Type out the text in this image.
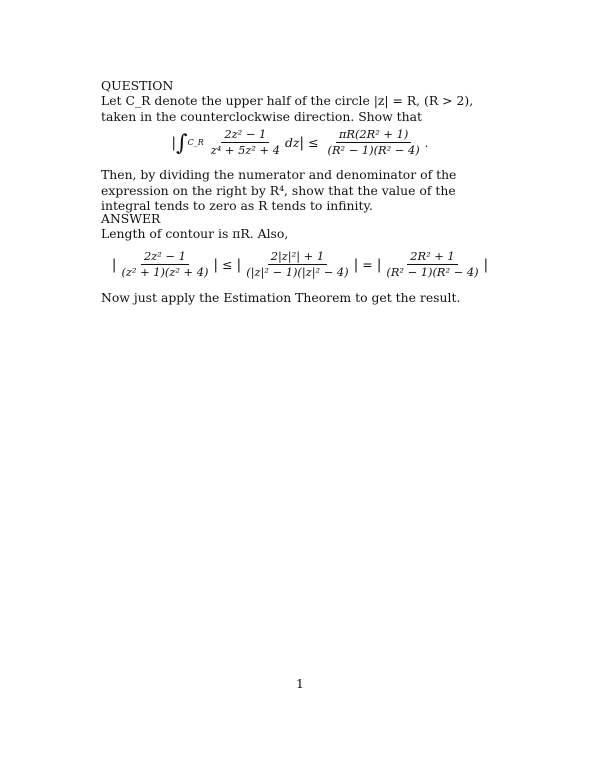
QUESTION
Let C_R denote the upper half of the circle |z| = R, (R > 2), taken in the counterclockwise direction. Show that
| ∫ C_R $\frac{\text{2z² − 1}}{\text{z⁴ + 5z² + 4}}$ dz | ≤ $\frac{\text{πR(2R² + 1)}}{\text{(R² − 1)(R² − 4)}}$ .
Then, by dividing the numerator and denominator of the expression on the right by R⁴, show that the value of the integral tends to zero as R tends to infinity.
ANSWER
Length of contour is πR. Also,
| $\frac{\text{2z² − 1}}{\text{(z² + 1)(z² + 4)}}$ | ≤ | $\frac{\text{2|z|²| + 1}}{\text{(|z|² − 1)(|z|² − 4)}}$ | = | $\frac{\text{2R² + 1}}{\text{(R² − 1)(R² − 4)}}$ |
Now just apply the Estimation Theorem to get the result.
1
